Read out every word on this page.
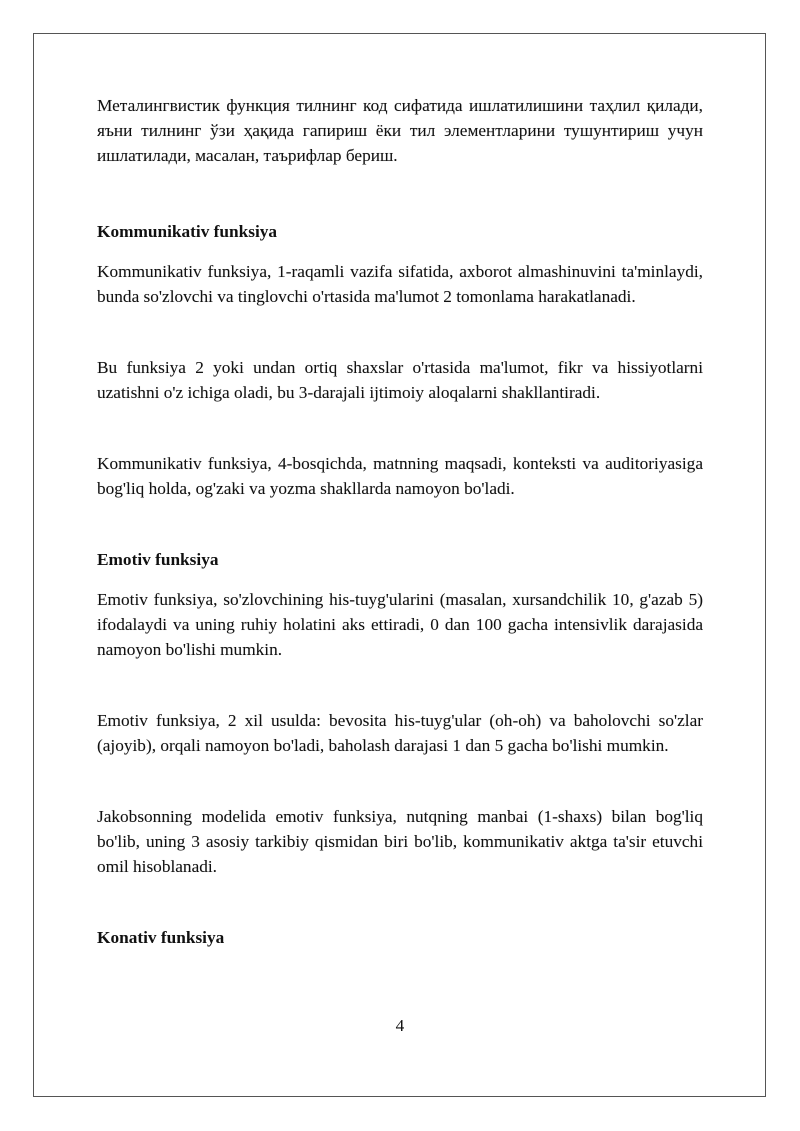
Металингвистик функция тилнинг код сифатида ишлатилишини таҳлил қилади, яъни тилнинг ўзи ҳақида гапириш ёки тил элементларини тушунтириш учун ишлатилади, масалан, таърифлар бериш.

Kommunikativ funksiya

Kommunikativ funksiya, 1-raqamli vazifa sifatida, axborot almashinuvini ta'minlaydi, bunda so'zlovchi va tinglovchi o'rtasida ma'lumot 2 tomonlama harakatlanadi.

Bu funksiya 2 yoki undan ortiq shaxslar o'rtasida ma'lumot, fikr va hissiyotlarni uzatishni o'z ichiga oladi, bu 3-darajali ijtimoiy aloqalarni shakllantiradi.

Kommunikativ funksiya, 4-bosqichda, matnning maqsadi, konteksti va auditoriyasiga bog'liq holda, og'zaki va yozma shakllarda namoyon bo'ladi.

Emotiv funksiya

Emotiv funksiya, so'zlovchining his-tuyg'ularini (masalan, xursandchilik 10, g'azab 5) ifodalaydi va uning ruhiy holatini aks ettiradi, 0 dan 100 gacha intensivlik darajasida namoyon bo'lishi mumkin.

Emotiv funksiya, 2 xil usulda: bevosita his-tuyg'ular (oh-oh) va baholovchi so'zlar (ajoyib), orqali namoyon bo'ladi, baholash darajasi 1 dan 5 gacha bo'lishi mumkin.

Jakobsonning modelida emotiv funksiya, nutqning manbai (1-shaxs) bilan bog'liq bo'lib, uning 3 asosiy tarkibiy qismidan biri bo'lib, kommunikativ aktga ta'sir etuvchi omil hisoblanadi.

Konativ funksiya
4
